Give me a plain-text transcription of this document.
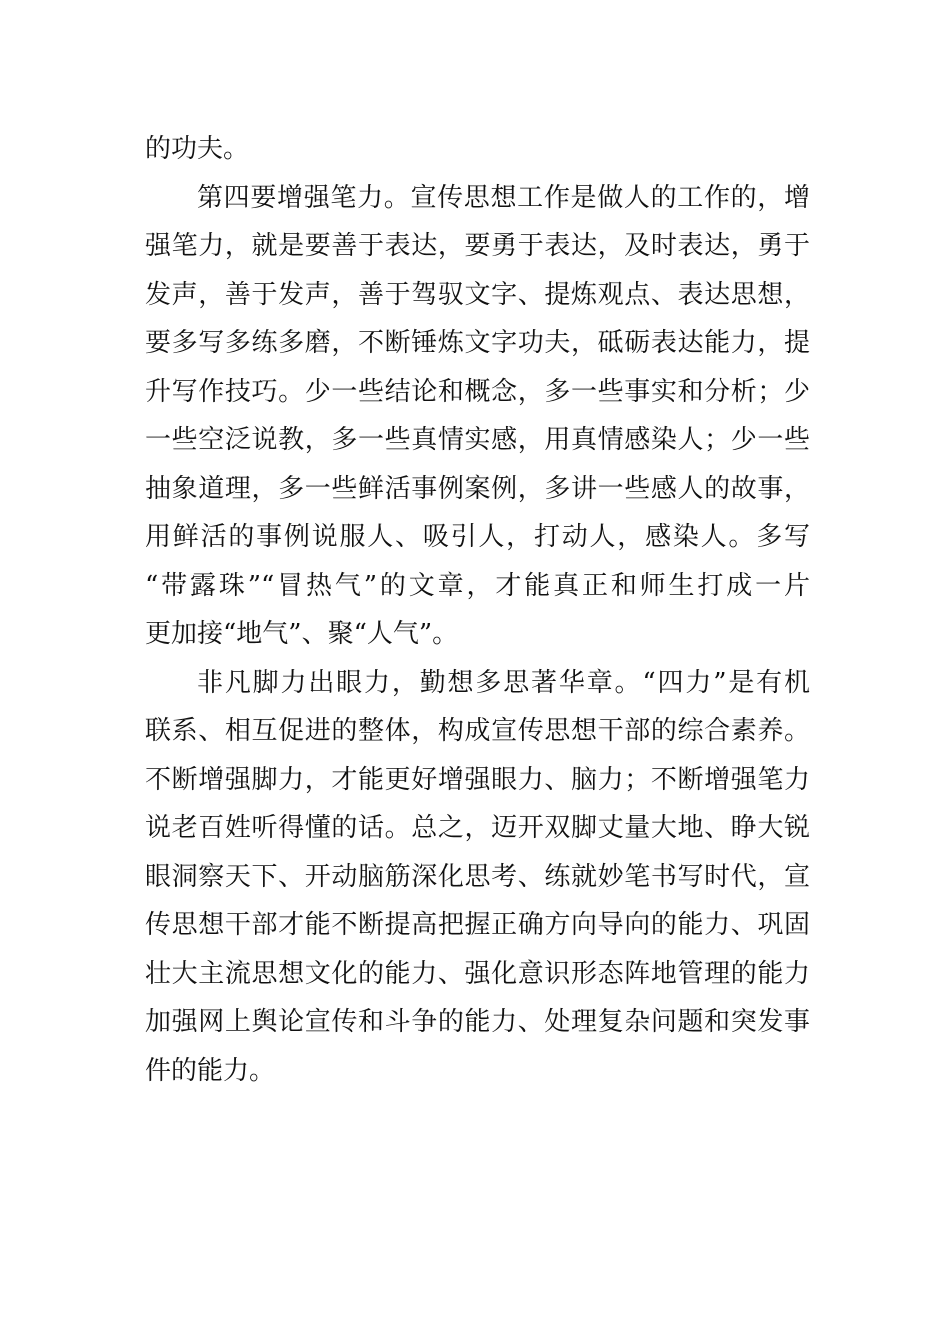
的功夫。
第四要增强笔力。宣传思想工作是做人的工作的，增
强笔力，就是要善于表达，要勇于表达，及时表达，勇于
发声，善于发声，善于驾驭文字、提炼观点、表达思想，
要多写多练多磨，不断锤炼文字功夫，砥砺表达能力，提
升写作技巧。少一些结论和概念，多一些事实和分析；少
一些空泛说教，多一些真情实感，用真情感染人；少一些
抽象道理，多一些鲜活事例案例，多讲一些感人的故事，
用鲜活的事例说服人、吸引人，打动人，感染人。多写
“带露珠”“冒热气”的文章，才能真正和师生打成一片
更加接“地气”、聚“人气”。
非凡脚力出眼力，勤想多思著华章。“四力”是有机
联系、相互促进的整体，构成宣传思想干部的综合素养。
不断增强脚力，才能更好增强眼力、脑力；不断增强笔力
说老百姓听得懂的话。总之，迈开双脚丈量大地、睁大锐
眼洞察天下、开动脑筋深化思考、练就妙笔书写时代，宣
传思想干部才能不断提高把握正确方向导向的能力、巩固
壮大主流思想文化的能力、强化意识形态阵地管理的能力
加强网上舆论宣传和斗争的能力、处理复杂问题和突发事
件的能力。
